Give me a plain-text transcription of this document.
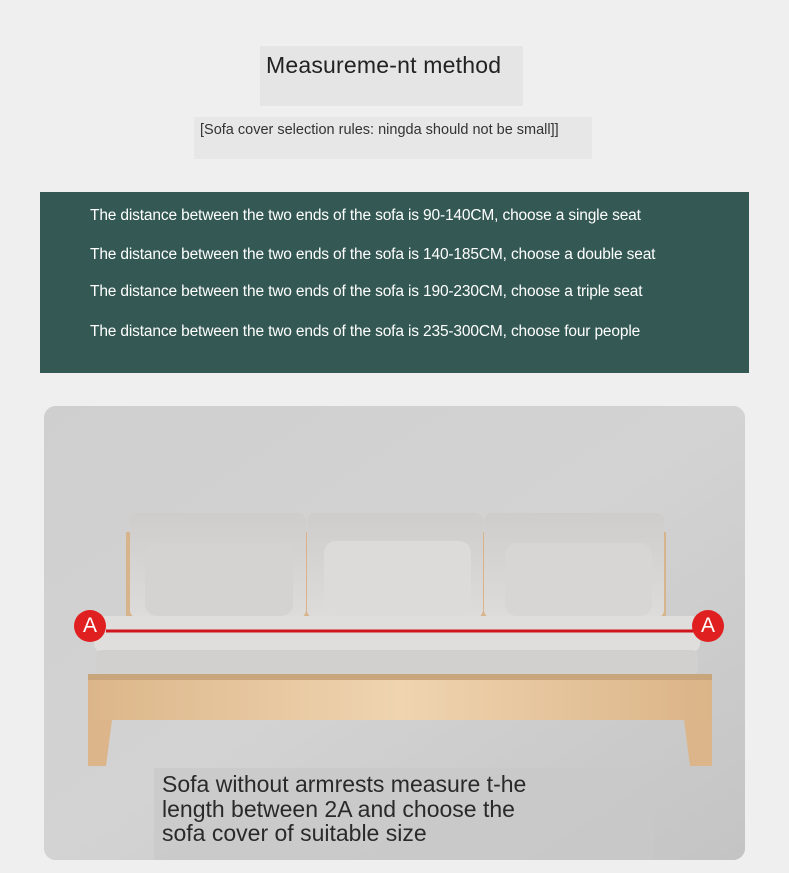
Measureme-nt method
[Sofa cover selection rules: ningda should not be small]]
The distance between the two ends of the sofa is 90-140CM, choose a single seat
The distance between the two ends of the sofa is 140-185CM, choose a double seat
The distance between the two ends of the sofa is 190-230CM, choose a triple seat
The distance between the two ends of the sofa is 235-300CM, choose four people
A	A
Sofa without armrests measure t-he length between 2A and choose the sofa cover of suitable size
